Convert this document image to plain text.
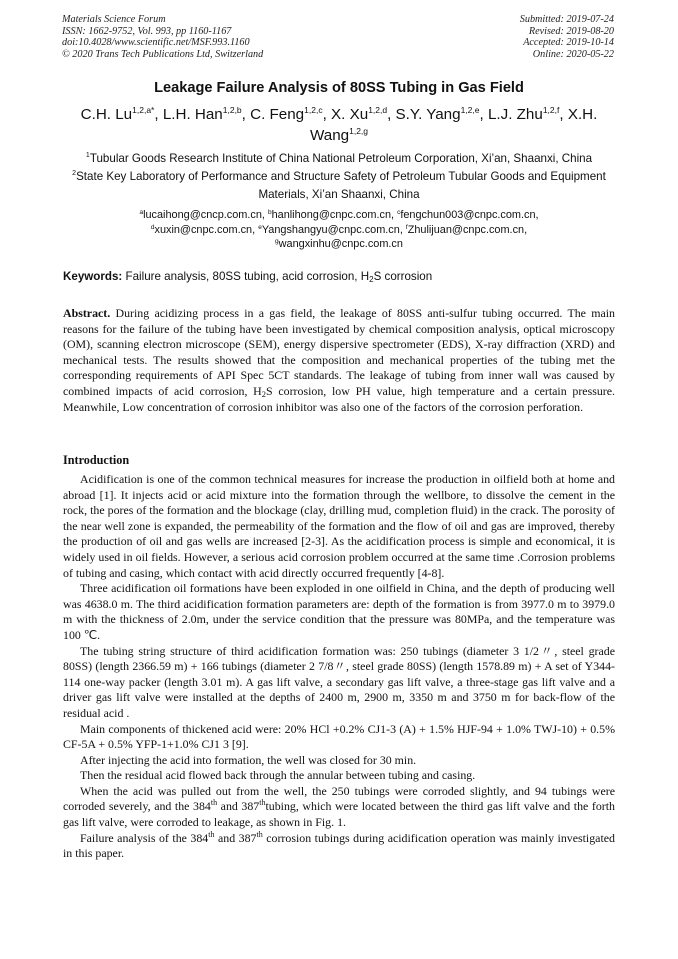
Materials Science Forum
ISSN: 1662-9752, Vol. 993, pp 1160-1167
doi:10.4028/www.scientific.net/MSF.993.1160
© 2020 Trans Tech Publications Ltd, Switzerland
Submitted: 2019-07-24
Revised: 2019-08-20
Accepted: 2019-10-14
Online: 2020-05-22
Leakage Failure Analysis of 80SS Tubing in Gas Field
C.H. $Lu^{1,2,a*}$, L.H. Han$^{1,2,b}$, C. Feng$^{1,2,c}$, X. Xu$^{1,2,d}$, S.Y. Yang$^{1,2,e}$, L.J. Zhu$^{1,2,f}$, X.H. Wang$^{1,2,g}$
$^1$Tubular Goods Research Institute of China National Petroleum Corporation, Xi’an, Shaanxi, China
$^2$State Key Laboratory of Performance and Structure Safety of Petroleum Tubular Goods and Equipment Materials, Xi’an Shaanxi, China
$^a$lucaihong@cncp.com.cn, $^b$hanlihong@cnpc.com.cn, $^c$fengchun003@cnpc.com.cn,
$^d$xuxin@cnpc.com.cn, $^e$Yangshangyu@cnpc.com.cn, $^f$Zhulijuan@cnpc.com.cn,
$^g$wangxinhu@cnpc.com.cn
Keywords: Failure analysis, 80SS tubing, acid corrosion, $H_2S$ corrosion
Abstract. During acidizing process in a gas field, the leakage of 80SS anti-sulfur tubing occurred. The main reasons for the failure of the tubing have been investigated by chemical composition analysis, optical microscopy (OM), scanning electron microscope (SEM), energy dispersive spectrometer (EDS), X-ray diffraction (XRD) and mechanical tests. The results showed that the composition and mechanical properties of the tubing met the corresponding requirements of API Spec 5CT standards. The leakage of tubing from inner wall was caused by combined impacts of acid corrosion, $H_2S$ corrosion, low PH value, high temperature and a certain pressure. Meanwhile, Low concentration of corrosion inhibitor was also one of the factors of the corrosion perforation.
Introduction

Acidification is one of the common technical measures for increase the production in oilfield both at home and abroad [1]. It injects acid or acid mixture into the formation through the wellbore, to dissolve the cement in the rock, the pores of the formation and the blockage (clay, drilling mud, completion fluid) in the crack. The porosity of the near well zone is expanded, the permeability of the formation and the flow of oil and gas are improved, thereby the production of oil and gas wells are increased [2-3]. As the acidification process is simple and economical, it is widely used in oil fields. However, a serious acid corrosion problem occurred at the same time .Corrosion problems of tubing and casing, which contact with acid directly occurred frequently [4-8].

Three acidification oil formations have been exploded in one oilfield in China, and the depth of producing well was 4638.0 m. The third acidification formation parameters are: depth of the formation is from 3977.0 m to 3979.0 m with the thickness of 2.0m, under the service condition that the pressure was 80MPa, and the temperature was 100 ℃.

The tubing string structure of third acidification formation was: 250 tubings (diameter 3 1/2〃, steel grade 80SS) (length 2366.59 m) + 166 tubings (diameter 2 7/8〃, steel grade 80SS) (length 1578.89 m) + A set of Y344-114 one-way packer (length 3.01 m). A gas lift valve, a secondary gas lift valve, a three-stage gas lift valve and a driver gas lift valve were installed at the depths of 2400 m, 2900 m, 3350 m and 3750 m for back-flow of the residual acid .

Main components of thickened acid were: 20% HCl +0.2% CJ1-3 (A) + 1.5% HJF-94 + 1.0% TWJ-10) + 0.5% CF-5A + 0.5% YFP-1+1.0% CJ1 3 [9].

After injecting the acid into formation, the well was closed for 30 min.

Then the residual acid flowed back through the annular between tubing and casing.

When the acid was pulled out from the well, the 250 tubings were corroded slightly, and 94 tubings were corroded severely, and the 384th and 387thtubing, which were located between the third gas lift valve and the forth gas lift valve, were corroded to leakage, as shown in Fig. 1.

Failure analysis of the 384th and 387th corrosion tubings during acidification operation was mainly investigated in this paper.
